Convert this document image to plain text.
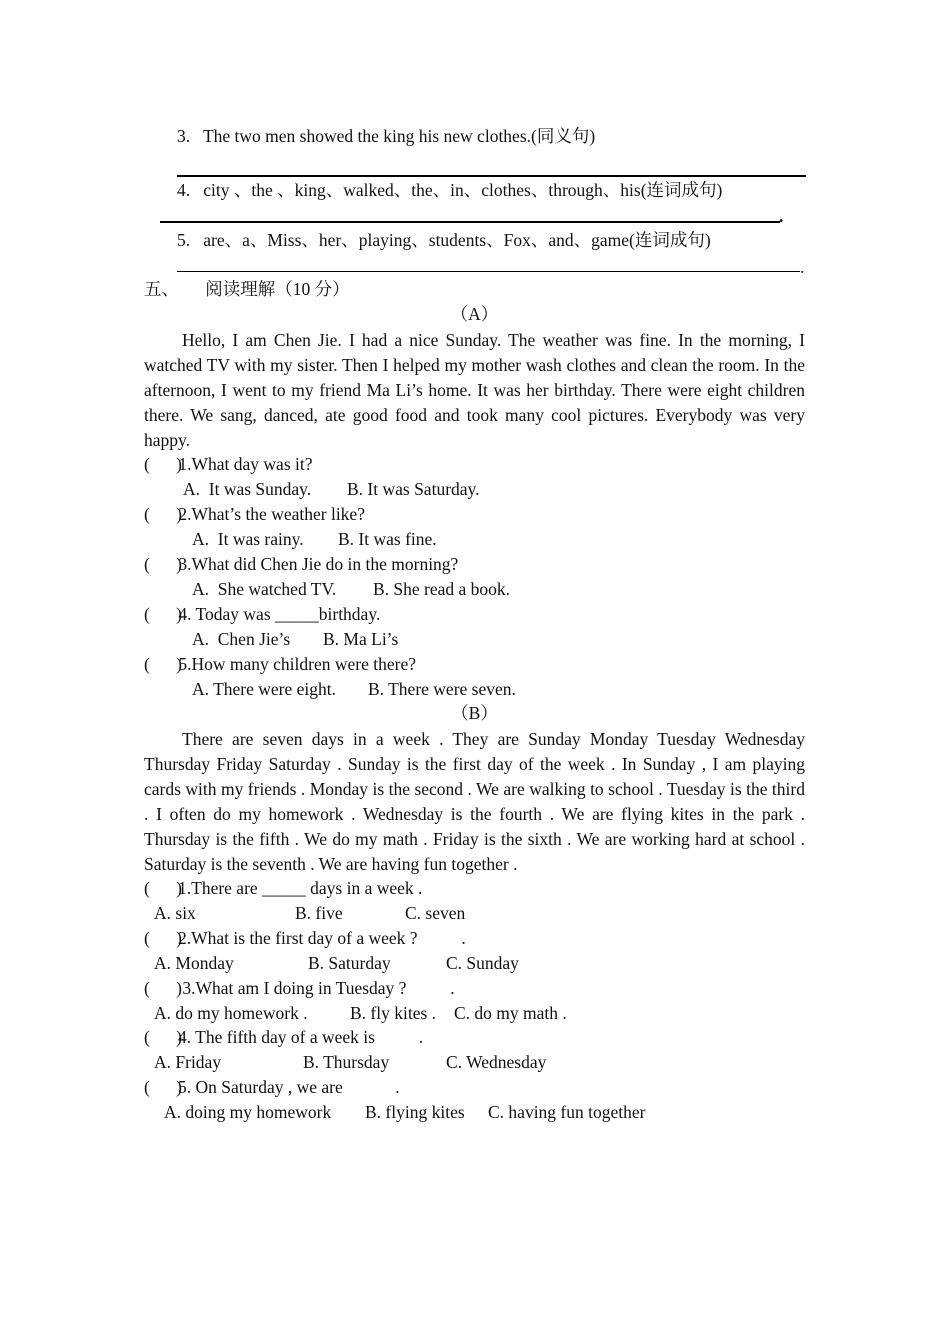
3. The two men showed the king his new clothes.(同义句)
4. city 、the 、king、walked、the、in、clothes、through、his(连词成句)
.
5. are、a、Miss、her、playing、students、Fox、and、game(连词成句)
.
五、 阅读理解（10 分）
（A）
Hello, I am Chen Jie. I had a nice Sunday. The weather was fine. In the morning, I watched TV with my sister. Then I helped my mother wash clothes and clean the room. In the afternoon, I went to my friend Ma Li’s home. It was her birthday. There were eight children there. We sang, danced, ate good food and took many cool pictures. Everybody was very happy.
(      ) 1.What day was it?
A.  It was Sunday. B. It was Saturday.
(      ) 2.What’s the weather like?
A.  It was rainy. B. It was fine.
(      ) 3.What did Chen Jie do in the morning?
A.  She watched TV. B. She read a book.
(      ) 4. Today was _____birthday.
A.  Chen Jie’s B. Ma Li’s
(      ) 5.How many children were there?
A. There were eight. B. There were seven.
（B）
There are seven days in a week . They are Sunday Monday Tuesday Wednesday Thursday Friday Saturday . Sunday is the first day of the week . In Sunday , I am playing cards with my friends . Monday is the second . We are walking to school . Tuesday is the third . I often do my homework . Wednesday is the fourth . We are flying kites in the park . Thursday is the fifth . We do my math . Friday is the sixth . We are working hard at school . Saturday is the seventh . We are having fun together .
(      )1.There are _____ days in a week .
A. six	B. five	C. seven
(      )2.What is the first day of a week ?          .
A. Monday	B. Saturday	C. Sunday
(      ) 3.What am I doing in Tuesday ?          .
A. do my homework . B. fly kites . C. do my math .
(      )4. The fifth day of a week is          .
A. Friday	B. Thursday	C. Wednesday
(      )5. On Saturday , we are            .
A. doing my homework B. flying kites C. having fun together
